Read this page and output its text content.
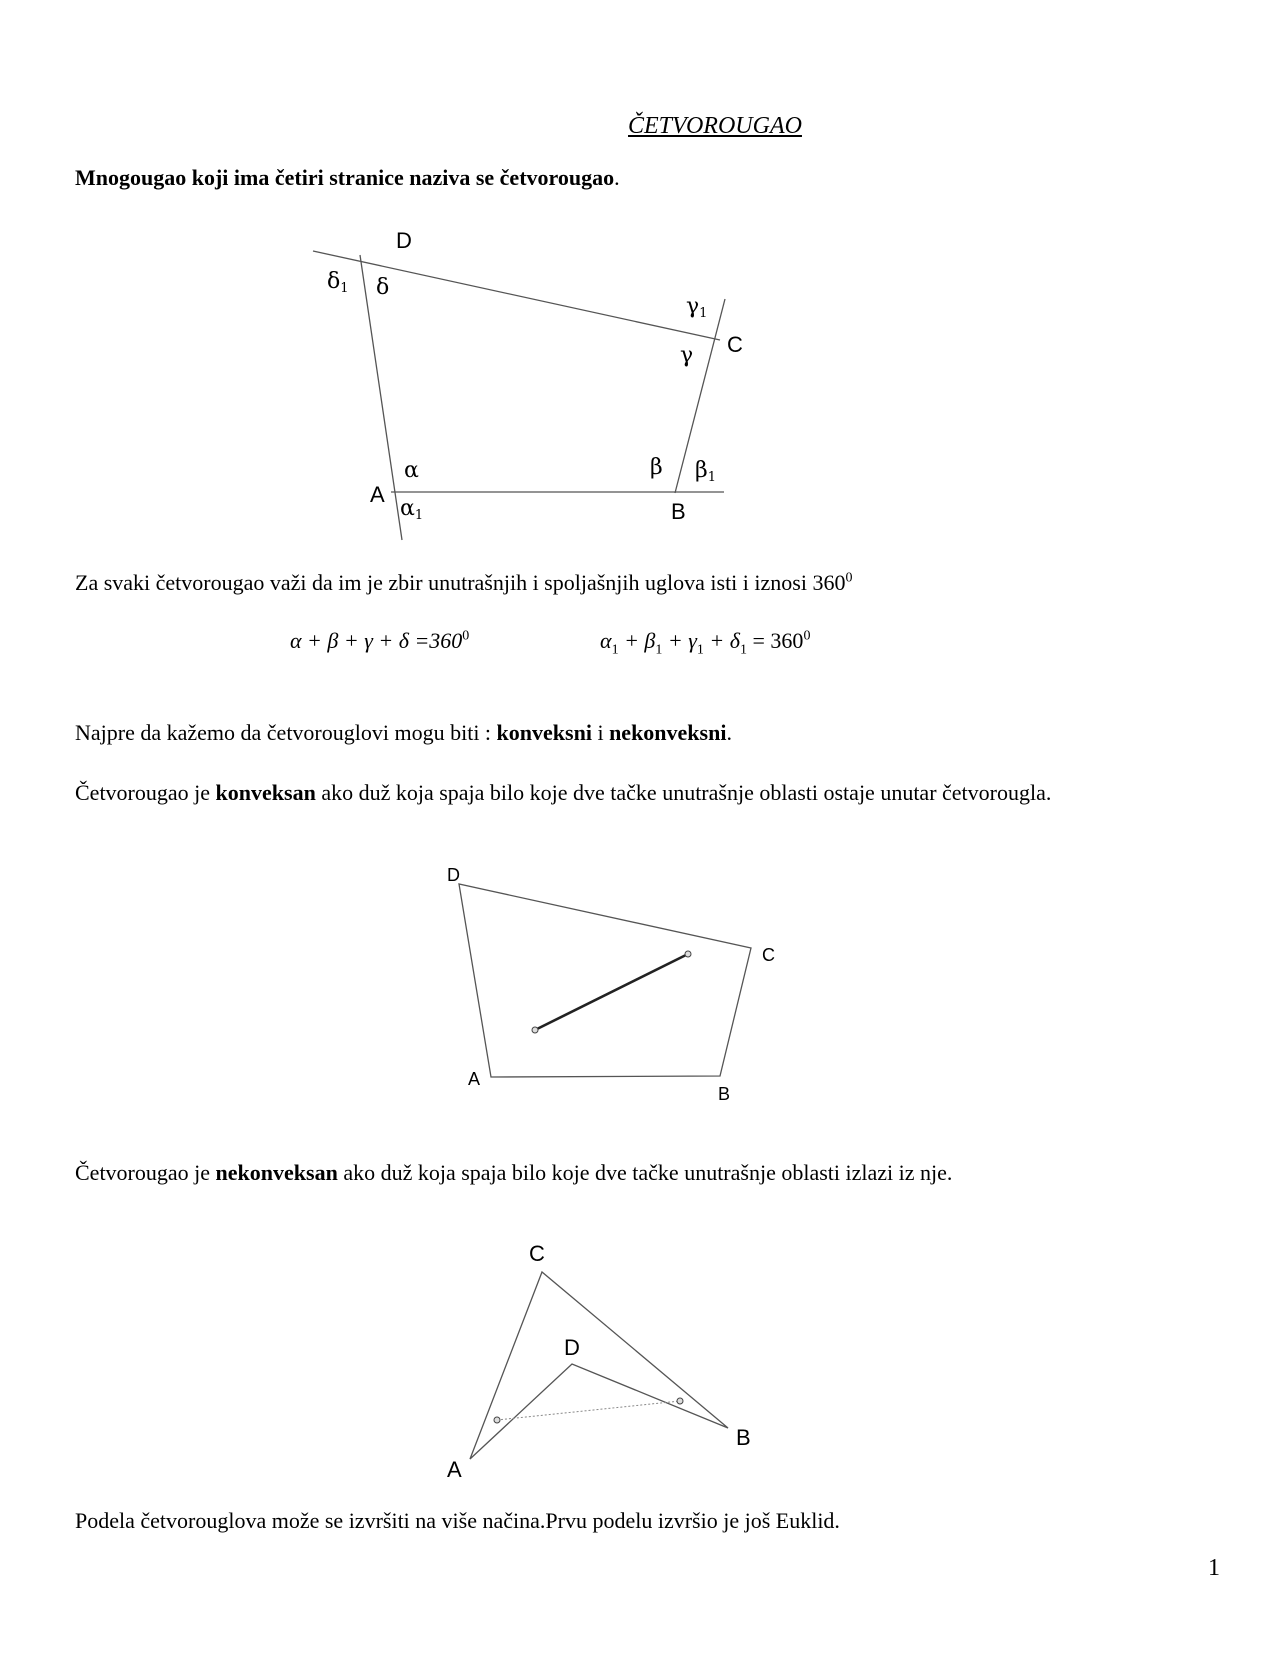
ČETVOROUGAO
Mnogougao koji ima četiri stranice naziva se četvorougao.
D
C
A
B
δ1 δ
γ1
γ
α
α1
β β1
Za svaki četvorougao važi da im je zbir unutrašnjih i spoljašnjih uglova isti i iznosi $360^0$
$\alpha + \beta + \gamma + \delta =360^0$	$\alpha_1 + \beta_1 + \gamma_1 + \delta_1 = 360^0$
Najpre da kažemo da četvorouglovi mogu biti : konveksni i nekonveksni.
Četvorougao je konveksan ako duž koja spaja bilo koje dve tačke unutrašnje oblasti ostaje unutar četvorougla.
D
C
A
B
Četvorougao je nekonveksan ako duž koja spaja bilo koje dve tačke unutrašnje oblasti izlazi iz nje.
C
D
B
A
Podela četvorouglova može se izvršiti na više načina.Prvu podelu izvršio je još Euklid.
1
